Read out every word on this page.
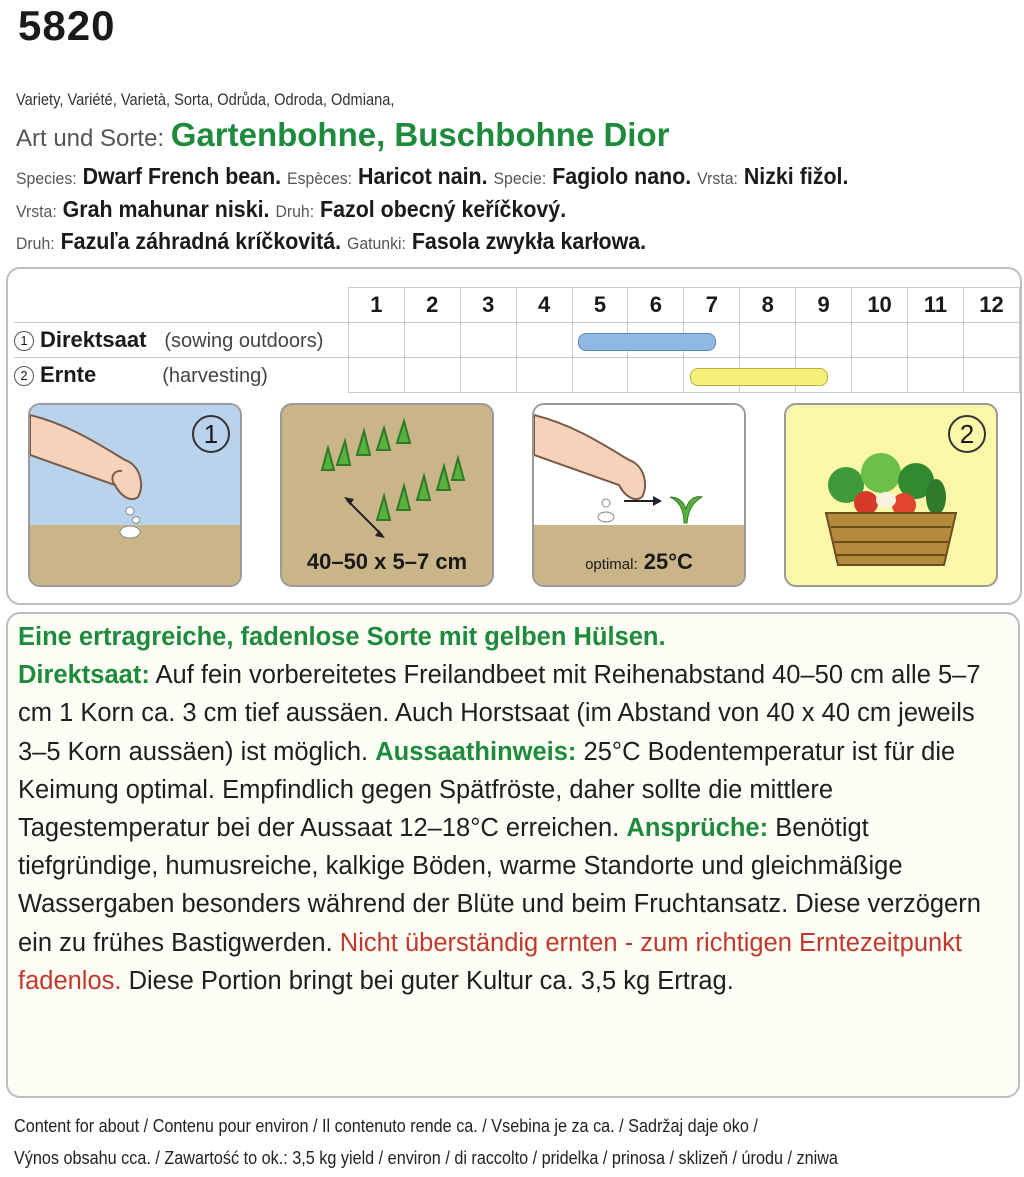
5820
Variety, Variété, Varietà, Sorta, Odrůda, Odroda, Odmiana,
Art und Sorte: Gartenbohne, Buschbohne Dior
Species: Dwarf French bean. Espèces: Haricot nain. Specie: Fagiolo nano. Vrsta: Nizki fižol.
Vrsta: Grah mahunar niski. Druh: Fazol obecný keříčkový.
Druh: Fazuľa záhradná kríčkovitá. Gatunki: Fasola zwykła karłowa.
	1	2	3	4	5	6	7	8	9	10	11	12
1 Direktsaat (sowing outdoors)												
2 Ernte (harvesting)												
1
40–50 x 5–7 cm	optimal: 25°C
2

Eine ertragreiche, fadenlose Sorte mit gelben Hülsen.

Direktsaat: Auf fein vorbereitetes Freilandbeet mit Reihenabstand 40–50 cm alle 5–7 cm 1 Korn ca. 3 cm tief aussäen. Auch Horstsaat (im Abstand von 40 x 40 cm jeweils 3–5 Korn aussäen) ist möglich. Aussaathinweis: 25°C Bodentemperatur ist für die Keimung optimal. Empfindlich gegen Spätfröste, daher sollte die mittlere Tagestemperatur bei der Aussaat 12–18°C erreichen. Ansprüche: Benötigt tiefgründige, humusreiche, kalkige Böden, warme Standorte und gleichmäßige Wassergaben besonders während der Blüte und beim Fruchtansatz. Diese verzögern ein zu frühes Bastigwerden. Nicht überständig ernten - zum richtigen Erntezeitpunkt fadenlos. Diese Portion bringt bei guter Kultur ca. 3,5 kg Ertrag.

Content for about / Contenu pour environ / Il contenuto rende ca. / Vsebina je za ca. / Sadržaj daje oko /
Výnos obsahu cca. / Zawartość to ok.: 3,5 kg yield / environ / di raccolto / pridelka / prinosa / sklizeň / úrodu / zniwa
